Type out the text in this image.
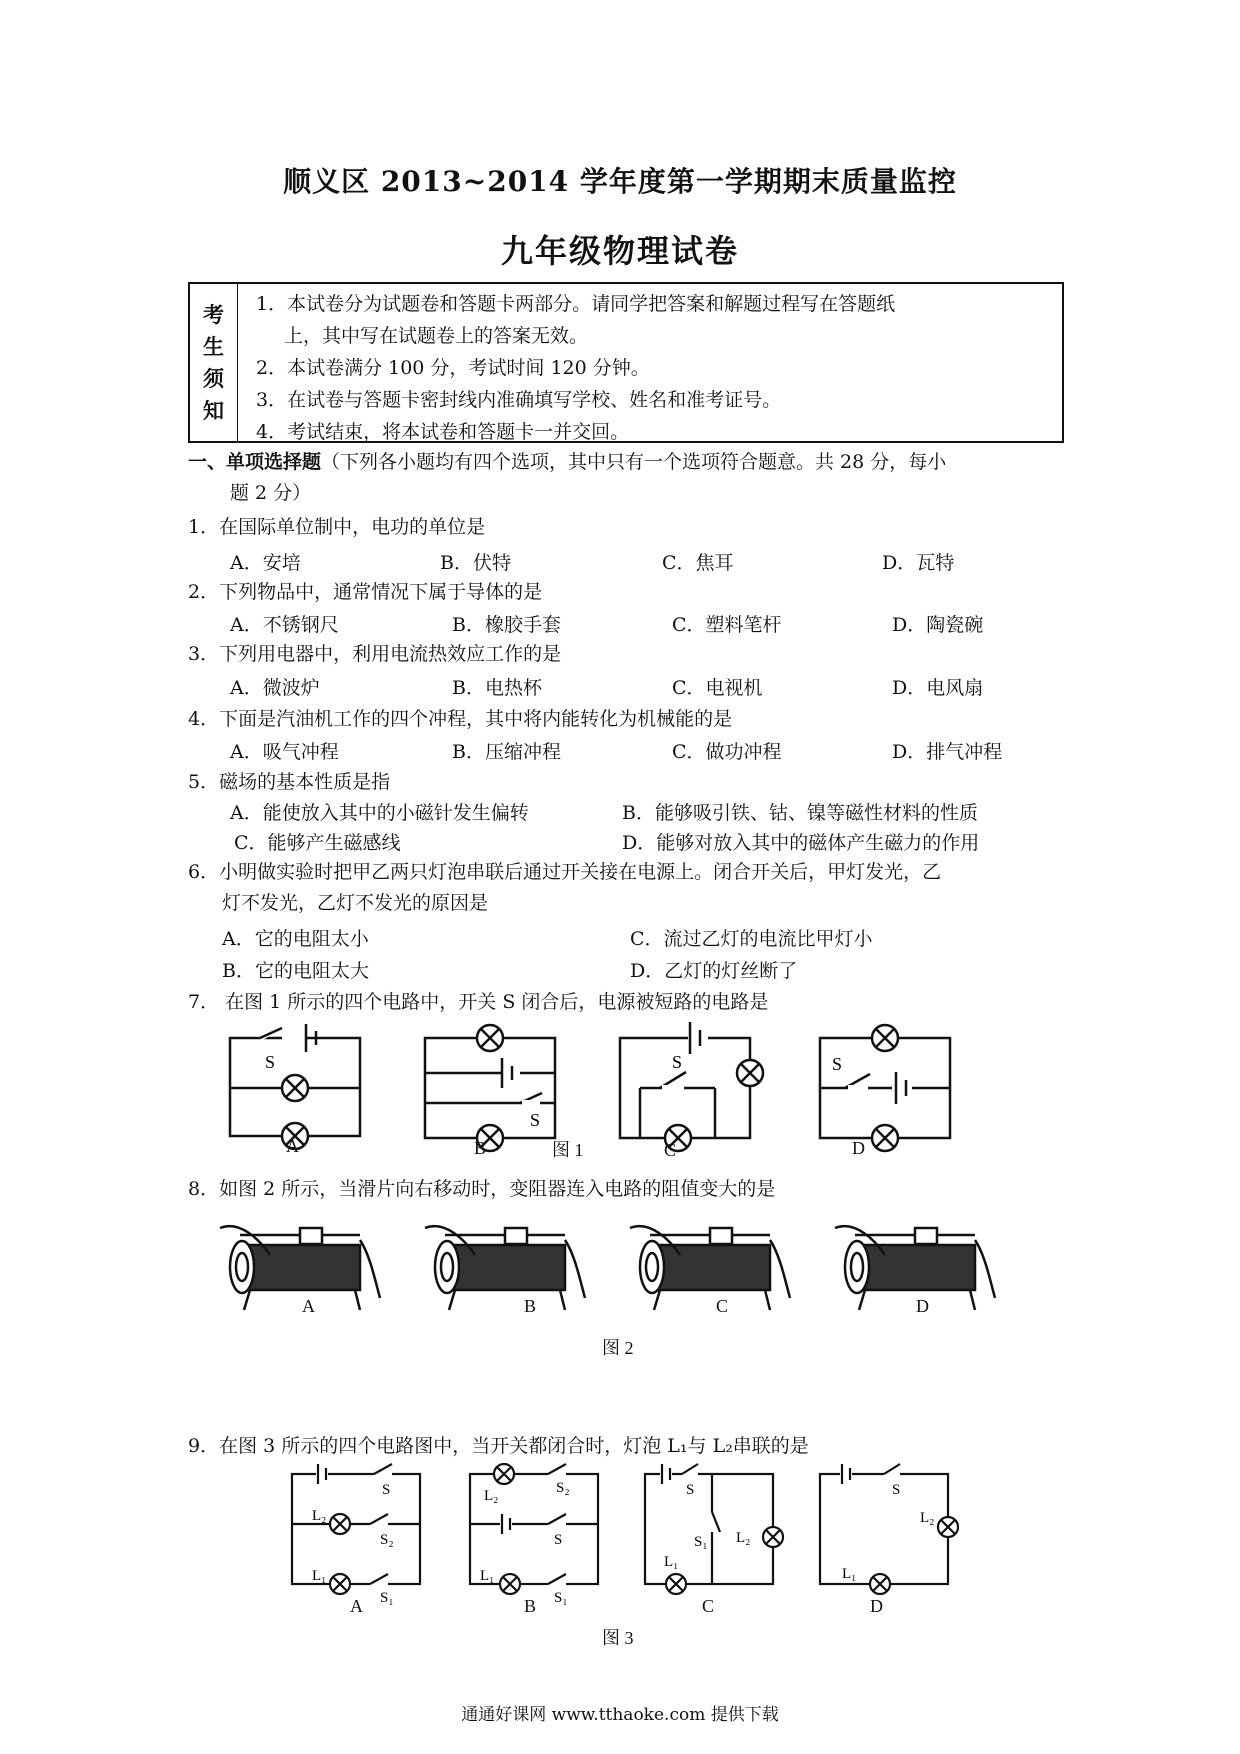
顺义区 2013~2014 学年度第一学期期末质量监控
九年级物理试卷
考
生
须
知
1．本试卷分为试题卷和答题卡两部分。请同学把答案和解题过程写在答题纸
上，其中写在试题卷上的答案无效。
2．本试卷满分 100 分，考试时间 120 分钟。
3．在试卷与答题卡密封线内准确填写学校、姓名和准考证号。
4．考试结束，将本试卷和答题卡一并交回。
一、单项选择题（下列各小题均有四个选项，其中只有一个选项符合题意。共 28 分，每小
题 2 分）
1．在国际单位制中，电功的单位是
A．安培	B．伏特	C．焦耳	D．瓦特
2．下列物品中，通常情况下属于导体的是
A．不锈钢尺	B．橡胶手套	C．塑料笔杆	D．陶瓷碗
3．下列用电器中，利用电流热效应工作的是
A．微波炉	B．电热杯	C．电视机	D．电风扇
4．下面是汽油机工作的四个冲程，其中将内能转化为机械能的是
A．吸气冲程	B．压缩冲程	C．做功冲程	D．排气冲程
5．磁场的基本性质是指
A．能使放入其中的小磁针发生偏转	B．能够吸引铁、钴、镍等磁性材料的性质
C．能够产生磁感线	D．能够对放入其中的磁体产生磁力的作用
6．小明做实验时把甲乙两只灯泡串联后通过开关接在电源上。闭合开关后，甲灯发光，乙
灯不发光，乙灯不发光的原因是
A．它的电阻太小	C．流过乙灯的电流比甲灯小
B．它的电阻太大	D．乙灯的灯丝断了
7． 在图 1 所示的四个电路中，开关 S 闭合后，电源被短路的电路是
S
S
S	S
A	B	图 1	C	D
8．如图 2 所示，当滑片向右移动时，变阻器连入电路的阻值变大的是
A	B	C	D
图 2
9．在图 3 所示的四个电路图中，当开关都闭合时，灯泡 L₁与 L₂串联的是
L₂
L₁
S
S₂
S₁
L₂
L₁
S₂
S
S₁
S
S₁ L₂
L₁
S
L₂
L₁
A	B	C	D
图 3
通通好课网 www.tthaoke.com 提供下载
